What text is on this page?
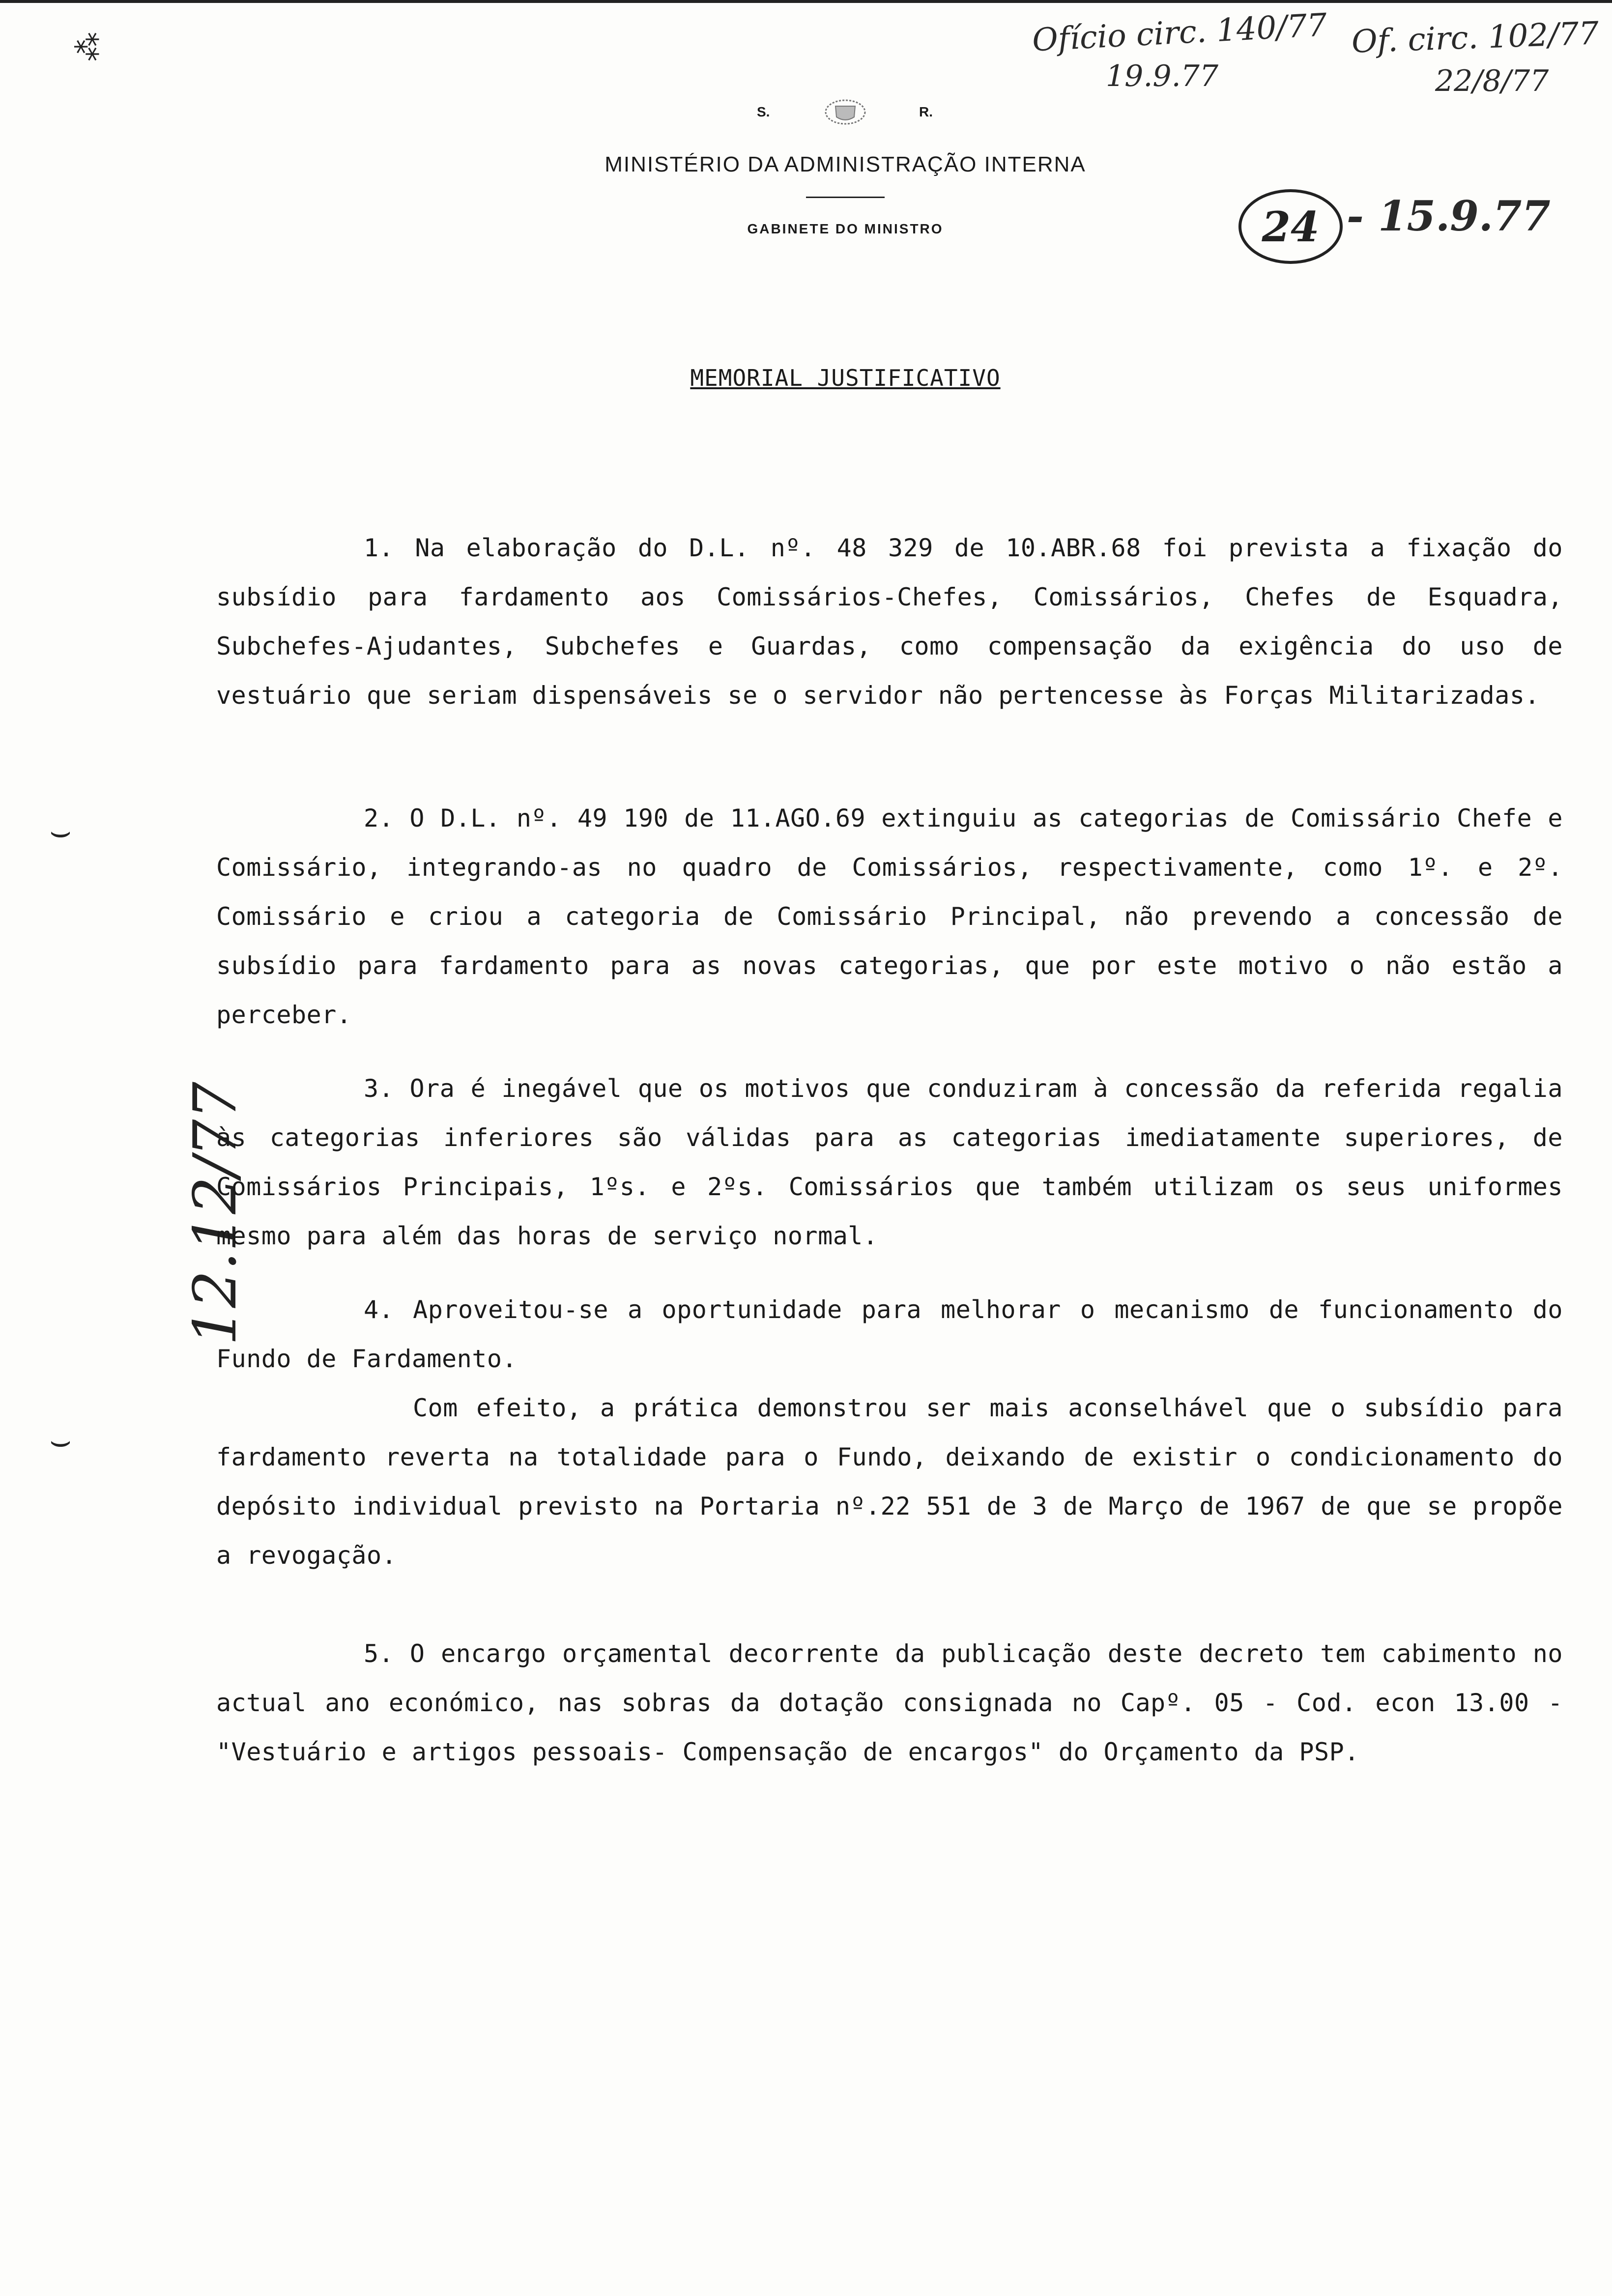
⁂
⌣
⌣
S.	R.
MINISTÉRIO DA ADMINISTRAÇÃO INTERNA
GABINETE DO MINISTRO
Ofício circ. 140/77
19.9.77
Of. circ. 102/77
22/8/77
24 - 15.9.77
12.12/77
MEMORIAL JUSTIFICATIVO

1. Na elaboração do D.L. nº. 48 329 de 10.ABR.68 foi prevista a fixação do subsídio para fardamento aos Comissários-Chefes, Comissários, Chefes de Esquadra, Subchefes-Ajudantes, Subchefes e Guardas, como compensação da exigência do uso de vestuário que seriam dispensáveis se o servidor não pertencesse às Forças Militarizadas.

2. O D.L. nº. 49 190 de 11.AGO.69 extinguiu as categorias de Comissário Chefe e Comissário, integrando-as no quadro de Comissários, respectivamente, como 1º. e 2º. Comissário e criou a categoria de Comissário Principal, não prevendo a concessão de subsídio para fardamento para as novas categorias, que por este motivo o não estão a perceber.

3. Ora é inegável que os motivos que conduziram à concessão da referida regalia às categorias inferiores são válidas para as categorias imediatamente superiores, de Comissários Principais, 1ºs. e 2ºs. Comissários que também utilizam os seus uniformes mesmo para além das horas de serviço normal.

4. Aproveitou-se a oportunidade para melhorar o mecanismo de funcionamento do Fundo de Fardamento.

Com efeito, a prática demonstrou ser mais aconselhável que o subsídio para fardamento reverta na totalidade para o Fundo, deixando de existir o condicionamento do depósito individual previsto na Portaria nº.22 551 de 3 de Março de 1967 de que se propõe a revogação.

5. O encargo orçamental decorrente da publicação deste decreto tem cabimento no actual ano económico, nas sobras da dotação consignada no Capº. 05 - Cod. econ 13.00 - "Vestuário e artigos pessoais- Compensação de encargos" do Orçamento da PSP.
